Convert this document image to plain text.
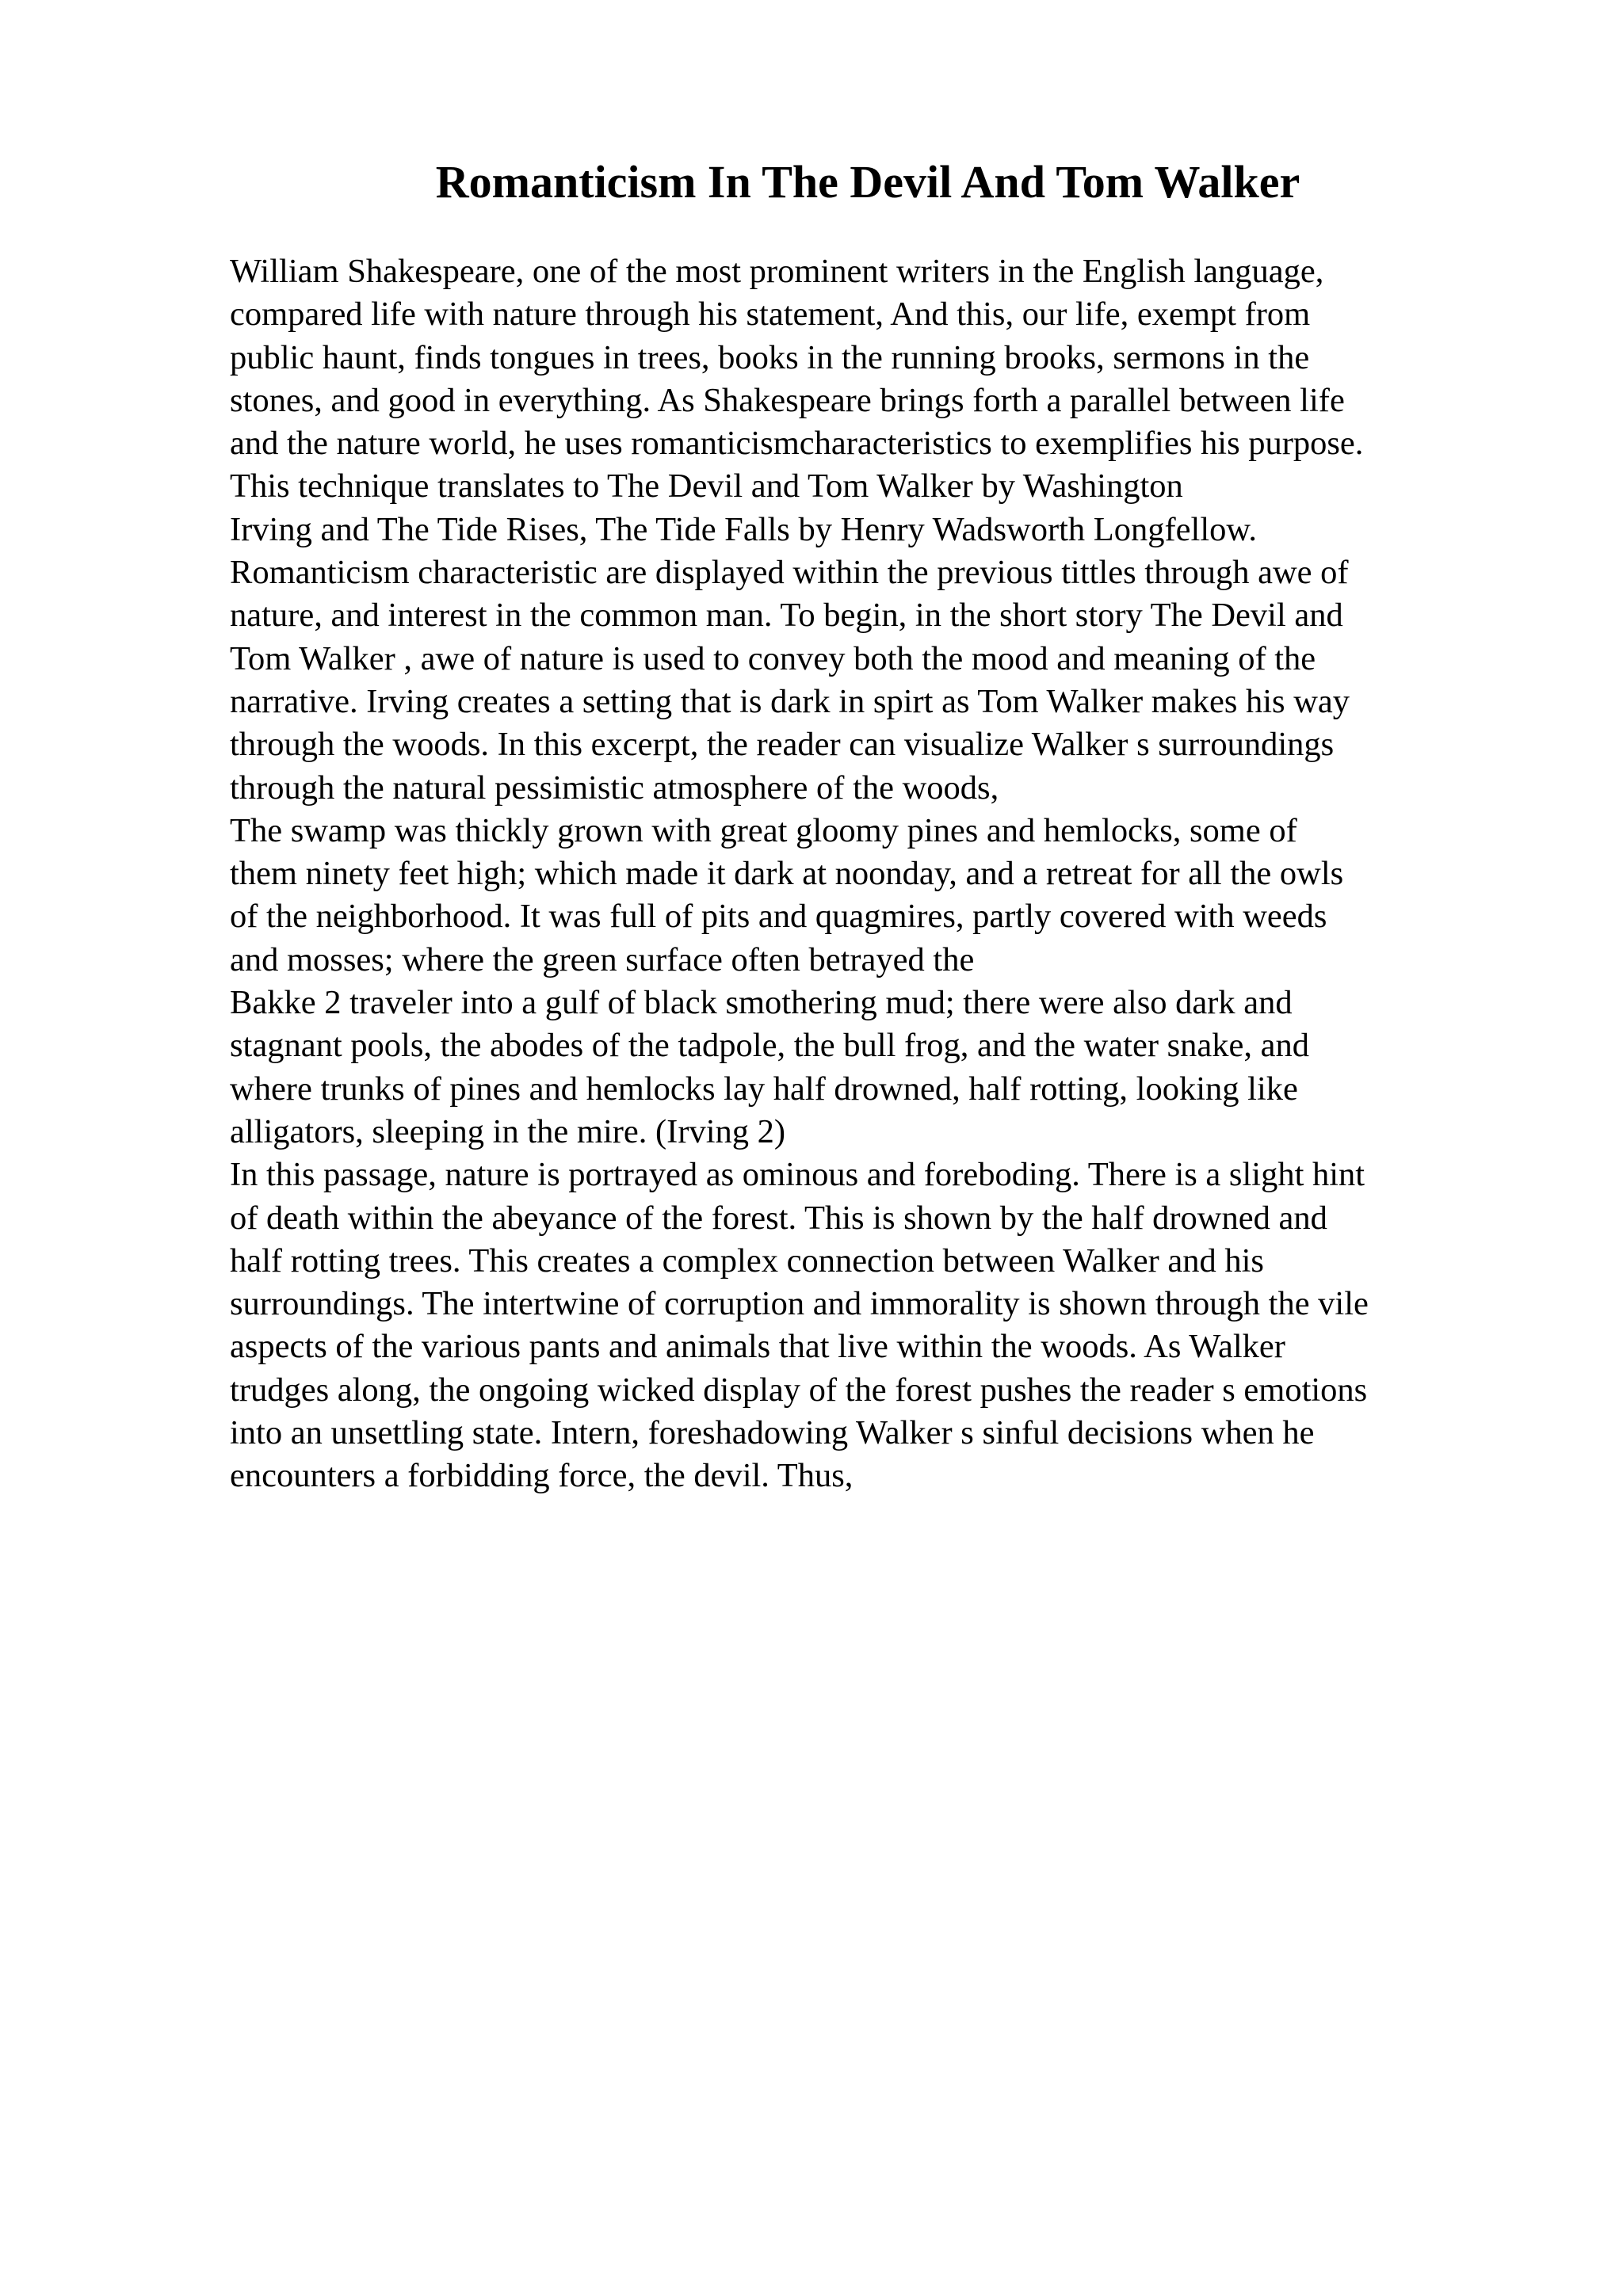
Romanticism In The Devil And Tom Walker
William Shakespeare, one of the most prominent writers in the English language,
compared life with nature through his statement, And this, our life, exempt from
public haunt, finds tongues in trees, books in the running brooks, sermons in the
stones, and good in everything. As Shakespeare brings forth a parallel between life
and the nature world, he uses romanticismcharacteristics to exemplifies his purpose.
This technique translates to The Devil and Tom Walker by Washington
Irving and The Tide Rises, The Tide Falls by Henry Wadsworth Longfellow.
Romanticism characteristic are displayed within the previous tittles through awe of
nature, and interest in the common man. To begin, in the short story The Devil and
Tom Walker , awe of nature is used to convey both the mood and meaning of the
narrative. Irving creates a setting that is dark in spirt as Tom Walker makes his way
through the woods. In this excerpt, the reader can visualize Walker s surroundings
through the natural pessimistic atmosphere of the woods,
The swamp was thickly grown with great gloomy pines and hemlocks, some of
them ninety feet high; which made it dark at noonday, and a retreat for all the owls
of the neighborhood. It was full of pits and quagmires, partly covered with weeds
and mosses; where the green surface often betrayed the
Bakke 2 traveler into a gulf of black smothering mud; there were also dark and
stagnant pools, the abodes of the tadpole, the bull frog, and the water snake, and
where trunks of pines and hemlocks lay half drowned, half rotting, looking like
alligators, sleeping in the mire. (Irving 2)
In this passage, nature is portrayed as ominous and foreboding. There is a slight hint
of death within the abeyance of the forest. This is shown by the half drowned and
half rotting trees. This creates a complex connection between Walker and his
surroundings. The intertwine of corruption and immorality is shown through the vile
aspects of the various pants and animals that live within the woods. As Walker
trudges along, the ongoing wicked display of the forest pushes the reader s emotions
into an unsettling state. Intern, foreshadowing Walker s sinful decisions when he
encounters a forbidding force, the devil. Thus,
